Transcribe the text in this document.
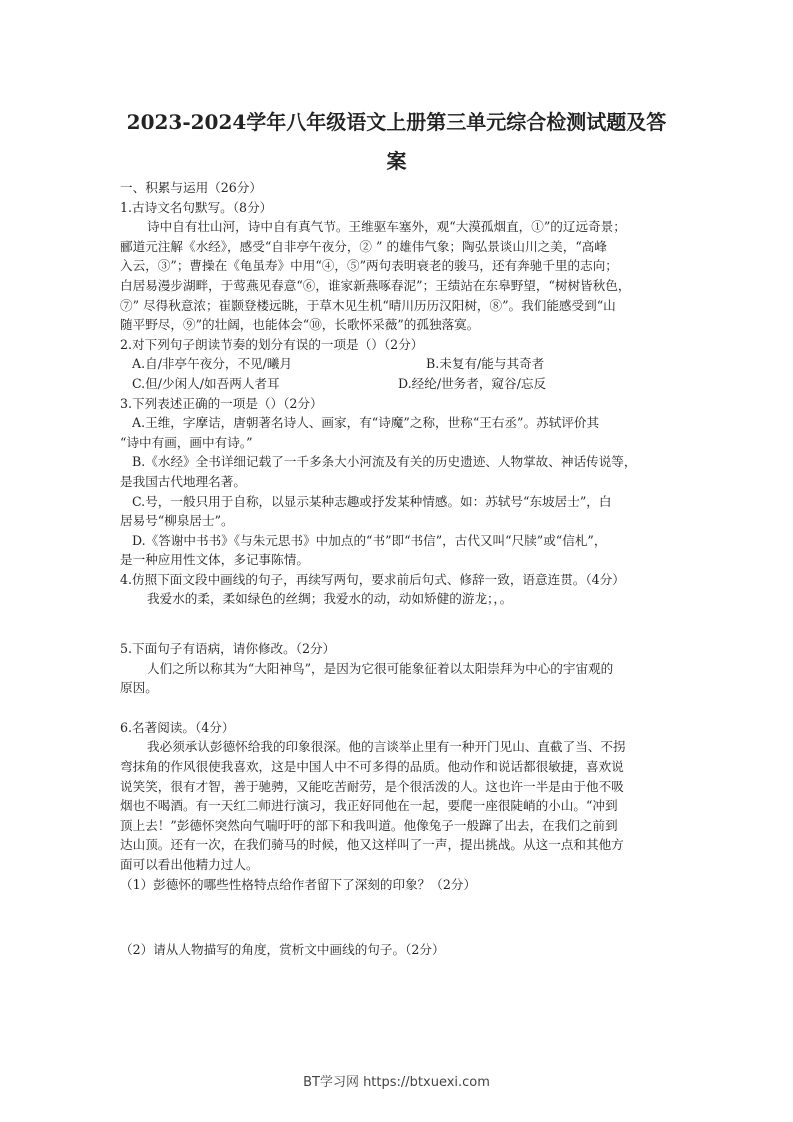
2023-2024学年八年级语文上册第三单元综合检测试题及答
案
一、积累与运用（26分）
1.古诗文名句默写。（8分）
诗中自有壮山河，诗中自有真气节。王维驱车塞外，观“大漠孤烟直，①”的辽远奇景；
郦道元注解《水经》，感受“自非亭午夜分，② ” 的雄伟气象；陶弘景谈山川之美，“高峰
入云，③”；曹操在《龟虽寿》中用“④，⑤”两句表明衰老的骏马，还有奔驰千里的志向；
白居易漫步湖畔，于莺燕见春意“⑥，谁家新燕啄春泥”；王绩站在东皋野望，“树树皆秋色，
⑦” 尽得秋意浓；崔颢登楼远眺，于草木见生机“晴川历历汉阳树，⑧”。我们能感受到“山
随平野尽，⑨”的壮阔，也能体会“⑩，长歌怀采薇”的孤独落寞。
2.对下列句子朗读节奏的划分有误的一项是（）（2分）
A.自/非亭午夜分，不见/曦月	B.未复有/能与其奇者
C.但/少闲人/如吾两人者耳	D.经纶/世务者，窥谷/忘反
3.下列表述正确的一项是（）（2分）
A.王维，字摩诘，唐朝著名诗人、画家，有“诗魔”之称，世称“王右丞”。苏轼评价其
“诗中有画，画中有诗。”
B.《水经》全书详细记载了一千多条大小河流及有关的历史遗迹、人物掌故、神话传说等，
是我国古代地理名著。
C.号，一般只用于自称，以显示某种志趣或抒发某种情感。如：苏轼号“东坡居士”，白
居易号“柳泉居士”。
D.《答谢中书书》《与朱元思书》中加点的“书”即“书信”，古代又叫“尺牍”或“信札”，
是一种应用性文体，多记事陈情。
4.仿照下面文段中画线的句子，再续写两句，要求前后句式、修辞一致，语意连贯。（4分）
我爱水的柔，柔如绿色的丝绸；我爱水的动，动如矫健的游龙；，。
5.下面句子有语病，请你修改。（2分）
人们之所以称其为“大阳神鸟”，是因为它很可能象征着以太阳崇拜为中心的宇宙观的
原因。
6.名著阅读。（4分）
我必须承认彭德怀给我的印象很深。他的言谈举止里有一种开门见山、直截了当、不拐
弯抹角的作风很使我喜欢，这是中国人中不可多得的品质。他动作和说话都很敏捷，喜欢说
说笑笑，很有才智，善于驰骋，又能吃苦耐劳，是个很活泼的人。这也许一半是由于他不吸
烟也不喝酒。有一天红二师进行演习，我正好同他在一起，要爬一座很陡峭的小山。“冲到
顶上去！”彭德怀突然向气喘吁吁的部下和我叫道。他像兔子一般蹿了出去，在我们之前到
达山顶。还有一次，在我们骑马的时候，他又这样叫了一声，提出挑战。从这一点和其他方
面可以看出他精力过人。
（1）彭德怀的哪些性格特点给作者留下了深刻的印象？（2分）
（2）请从人物描写的角度，赏析文中画线的句子。（2分）
BT学习网 https://btxuexi.com
